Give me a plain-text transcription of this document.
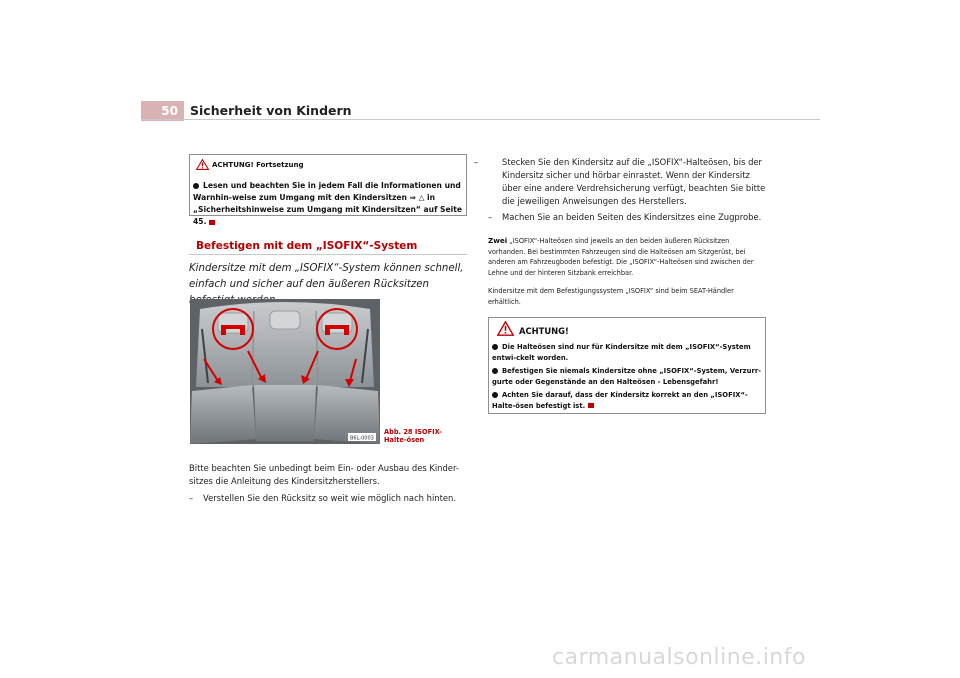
50 Sicherheit von Kindern
ACHTUNG! Fortsetzung
Lesen und beachten Sie in jedem Fall die Informationen und Warnhin-weise zum Umgang mit den Kindersitzen ⇒ △ in „Sicherheitshinweise zum Umgang mit Kindersitzen“ auf Seite 45.
Befestigen mit dem „ISOFIX“-System
Kindersitze mit dem „ISOFIX“-System können schnell, einfach und sicher auf den äußeren Rücksitzen
B6L-0003
Abb. 28 ISOFIX-Halte-ösen
Bitte beachten Sie unbedingt beim Ein- oder Ausbau des Kinder-sitzes die Anleitung des Kindersitzherstellers.
– Verstellen Sie den Rücksitz so weit wie möglich nach hinten.
–	Stecken Sie den Kindersitz auf die „ISOFIX“-Halteösen, bis der Kindersitz sicher und hörbar einrastet. Wenn der Kindersitz über eine andere Verdrehsicherung verfügt, beachten Sie bitte die jeweiligen Anweisungen des Herstellers.
– Machen Sie an beiden Seiten des Kindersitzes eine Zugprobe.
Zwei „ISOFIX“-Halteösen sind jeweils an den beiden äußeren Rücksitzen vorhanden. Bei bestimmten Fahrzeugen sind die Halteösen am Sitzgerüst, bei anderen am Fahrzeugboden befestigt. Die „ISOFIX“-Halteösen sind zwischen der Lehne und der hinteren Sitzbank erreichbar.
Kindersitze mit dem Befestigungssystem „ISOFIX“ sind beim SEAT-Händler erhältlich.
ACHTUNG!
Die Halteösen sind nur für Kindersitze mit dem „ISOFIX“-System entwi-ckelt worden.
Befestigen Sie niemals Kindersitze ohne „ISOFIX“-System, Verzurr-gurte oder Gegenstände an den Halteösen - Lebensgefahr!
Achten Sie darauf, dass der Kindersitz korrekt an den „ISOFIX“-Halte-ösen befestigt ist.
carmanualsonline.info
